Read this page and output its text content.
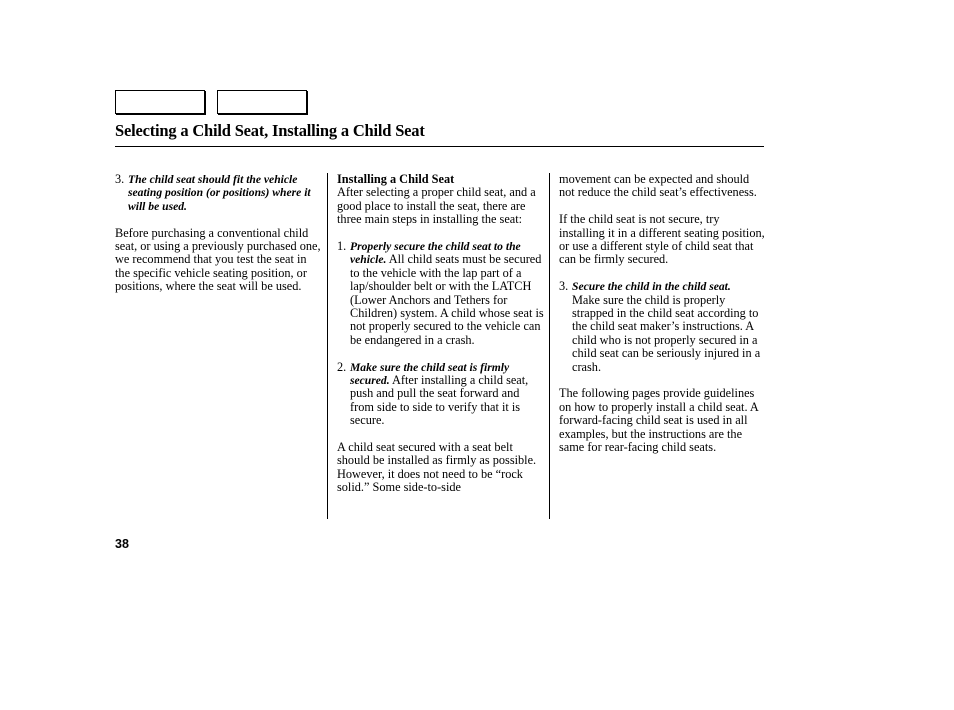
Selecting a Child Seat, Installing a Child Seat
3. The child seat should fit the vehicle seating position (or positions) where it will be used.

Before purchasing a conventional child seat, or using a previously purchased one, we recommend that you test the seat in the specific vehicle seating position, or positions, where the seat will be used.

Installing a Child Seat

After selecting a proper child seat, and a good place to install the seat, there are three main steps in installing the seat:

1. Properly secure the child seat to the vehicle. All child seats must be secured to the vehicle with the lap part of a lap/shoulder belt or with the LATCH (Lower Anchors and Tethers for Children) system. A child whose seat is not properly secured to the vehicle can be endangered in a crash.
2. Make sure the child seat is firmly secured. After installing a child seat, push and pull the seat forward and from side to side to verify that it is secure.

A child seat secured with a seat belt should be installed as firmly as possible. However, it does not need to be “rock solid.” Some side-to-side

movement can be expected and should not reduce the child seat’s effectiveness.

If the child seat is not secure, try installing it in a different seating position, or use a different style of child seat that can be firmly secured.

3. Secure the child in the child seat.
Make sure the child is properly strapped in the child seat according to the child seat maker’s instructions. A child who is not properly secured in a child seat can be seriously injured in a crash.

The following pages provide guidelines on how to properly install a child seat. A forward-facing child seat is used in all examples, but the instructions are the same for rear-facing child seats.

38
